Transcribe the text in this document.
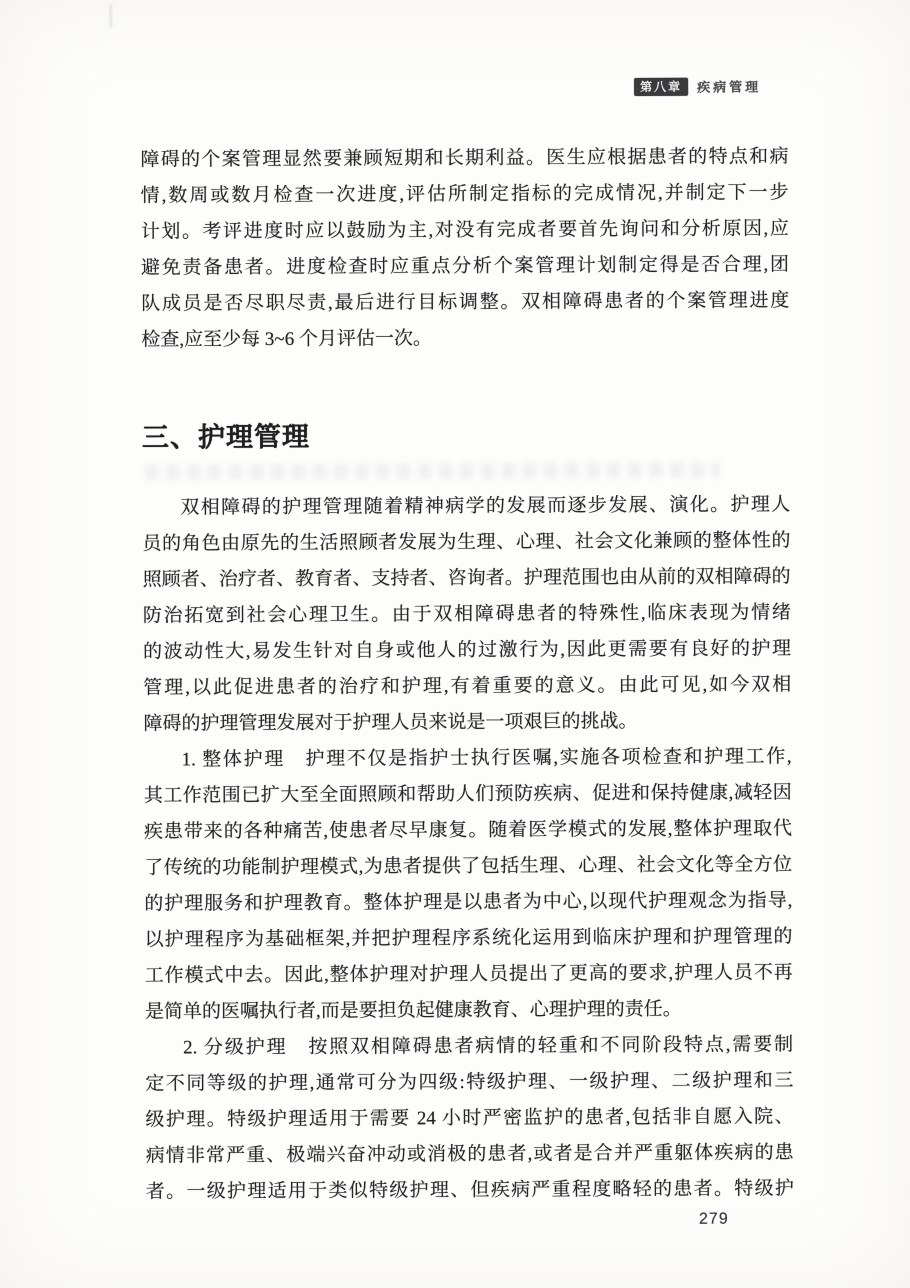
第八章	疾病管理
障碍的个案管理显然要兼顾短期和长期利益。医生应根据患者的特点和病
情,数周或数月检查一次进度,评估所制定指标的完成情况,并制定下一步
计划。考评进度时应以鼓励为主,对没有完成者要首先询问和分析原因,应
避免责备患者。进度检查时应重点分析个案管理计划制定得是否合理,团
队成员是否尽职尽责,最后进行目标调整。双相障碍患者的个案管理进度
检查,应至少每 3~6 个月评估一次。
三、护理管理
双相障碍的护理管理随着精神病学的发展而逐步发展、演化。护理人
员的角色由原先的生活照顾者发展为生理、心理、社会文化兼顾的整体性的
照顾者、治疗者、教育者、支持者、咨询者。护理范围也由从前的双相障碍的
防治拓宽到社会心理卫生。由于双相障碍患者的特殊性,临床表现为情绪
的波动性大,易发生针对自身或他人的过激行为,因此更需要有良好的护理
管理,以此促进患者的治疗和护理,有着重要的意义。由此可见,如今双相
障碍的护理管理发展对于护理人员来说是一项艰巨的挑战。
1. 整体护理　护理不仅是指护士执行医嘱,实施各项检查和护理工作,
其工作范围已扩大至全面照顾和帮助人们预防疾病、促进和保持健康,减轻因
疾患带来的各种痛苦,使患者尽早康复。随着医学模式的发展,整体护理取代
了传统的功能制护理模式,为患者提供了包括生理、心理、社会文化等全方位
的护理服务和护理教育。整体护理是以患者为中心,以现代护理观念为指导,
以护理程序为基础框架,并把护理程序系统化运用到临床护理和护理管理的
工作模式中去。因此,整体护理对护理人员提出了更高的要求,护理人员不再
是简单的医嘱执行者,而是要担负起健康教育、心理护理的责任。
2. 分级护理　按照双相障碍患者病情的轻重和不同阶段特点,需要制
定不同等级的护理,通常可分为四级:特级护理、一级护理、二级护理和三
级护理。特级护理适用于需要 24 小时严密监护的患者,包括非自愿入院、
病情非常严重、极端兴奋冲动或消极的患者,或者是合并严重躯体疾病的患
者。一级护理适用于类似特级护理、但疾病严重程度略轻的患者。特级护
279
